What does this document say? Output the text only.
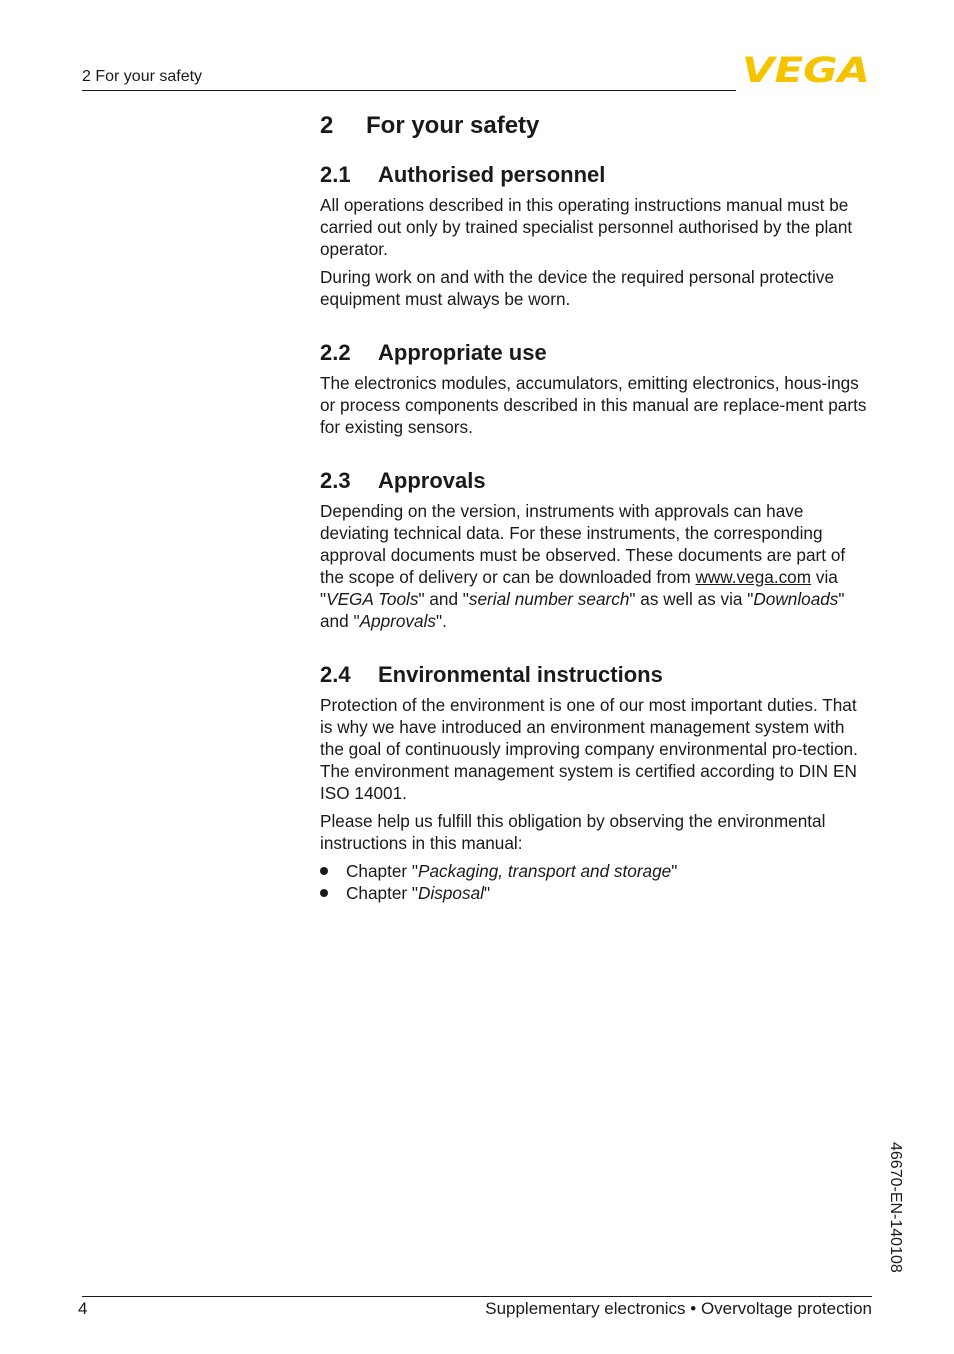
2 For your safety	VEGA
2	For your safety
2.1	Authorised personnel

All operations described in this operating instructions manual must be carried out only by trained specialist personnel authorised by the plant operator.

During work on and with the device the required personal protective equipment must always be worn.

2.2	Appropriate use

The electronics modules, accumulators, emitting electronics, hous-ings or process components described in this manual are replace-ment parts for existing sensors.

2.3	Approvals

Depending on the version, instruments with approvals can have deviating technical data. For these instruments, the corresponding approval documents must be observed. These documents are part of the scope of delivery or can be downloaded from www.vega.com via "VEGA Tools" and "serial number search" as well as via "Downloads" and "Approvals".

2.4	Environmental instructions

Protection of the environment is one of our most important duties. That is why we have introduced an environment management system with the goal of continuously improving company environmental pro-tection. The environment management system is certified according to DIN EN ISO 14001.

Please help us fulfill this obligation by observing the environmental instructions in this manual:

Chapter "Packaging, transport and storage"
Chapter "Disposal"
46670-EN-140108
4	Supplementary electronics • Overvoltage protection
